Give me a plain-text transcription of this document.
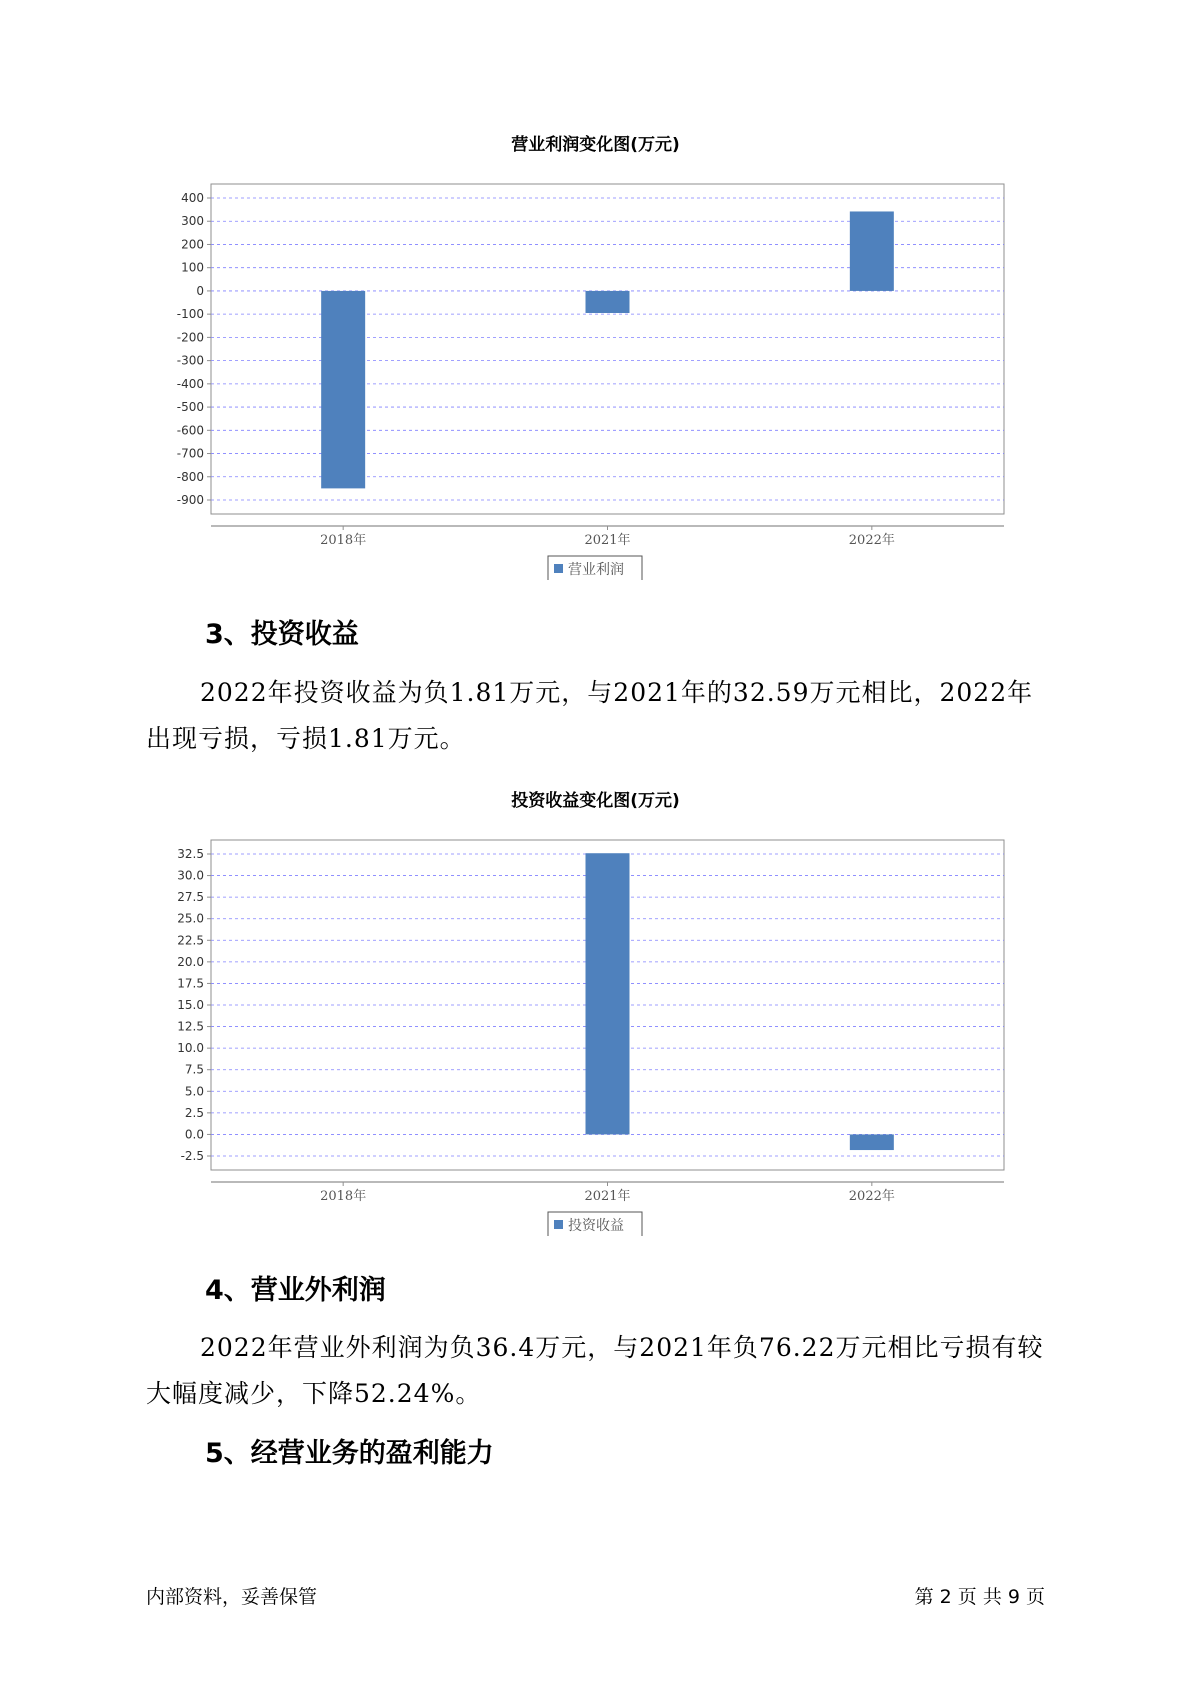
营业利润变化图(万元)
400
300
200
100
0
-100
-200
-300
-400
-500
-600
-700
-800
-900
2018年	2021年	2022年
营业利润
3、投资收益

2022年投资收益为负1.81万元，与2021年的32.59万元相比，2022年出现亏损，亏损1.81万元。

投资收益变化图(万元)
32.5
30.0
27.5
25.0
22.5
20.0
17.5
15.0
12.5
10.0
7.5
5.0
2.5
0.0
-2.5
2018年	2021年	2022年
投资收益
4、营业外利润

2022年营业外利润为负36.4万元，与2021年负76.22万元相比亏损有较大幅度减少，下降52.24%。

5、经营业务的盈利能力
内部资料，妥善保管	第 2 页 共 9 页
